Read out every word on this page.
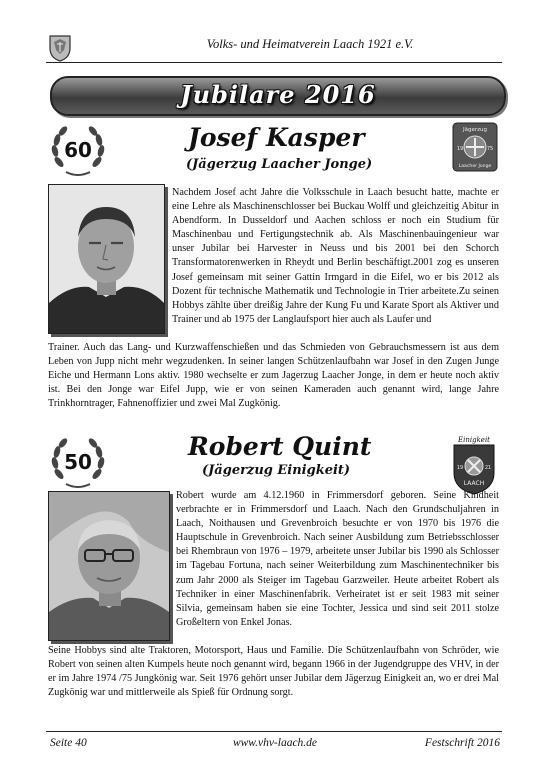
Volks- und Heimatverein Laach 1921 e.V.
Jubilare 2016
60	Josef Kasper
(Jägerzug Laacher Jonge)
Jägerzug
19	75
Laacher Jonge

Nachdem Josef acht Jahre die Volksschule in Laach besucht hatte, machte er eine Lehre als Maschinenschlosser bei Buckau Wolff und gleichzeitig Abitur in Abendform. In Dusseldorf und Aachen schloss er noch ein Studium für Maschinenbau und Fertigungstechnik ab. Als Maschinenbauingenieur war unser Jubilar bei Harvester in Neuss und bis 2001 bei den Schorch Transformatorenwerken in Rheydt und Berlin beschäftigt.2001 zog es unseren Josef gemeinsam mit seiner Gattin Irmgard in die Eifel, wo er bis 2012 als Dozent für technische Mathematik und Technologie in Trier arbeitete.Zu seinen Hobbys zählte über dreißig Jahre der Kung Fu und Karate Sport als Aktiver und Trainer und ab 1975 der Langlaufsport hier auch als Laufer und

Trainer. Auch das Lang- und Kurzwaffenschießen und das Schmieden von Gebrauchsmessern ist aus dem Leben von Jupp nicht mehr wegzudenken. In seiner langen Schützenlaufbahn war Josef in den Zugen Junge Eiche und Hermann Lons aktiv. 1980 wechselte er zum Jagerzug Laacher Jonge, in dem er heute noch aktiv ist. Bei den Jonge war Eifel Jupp, wie er von seinen Kameraden auch genannt wird, lange Jahre Trinkhorntrager, Fahnenoffizier und zwei Mal Zugkönig.

50
Robert Quint
(Jägerzug Einigkeit)
Einigkeit
19	21
LAACH

Robert wurde am 4.12.1960 in Frimmersdorf geboren. Seine Kindheit verbrachte er in Frimmersdorf und Laach. Nach den Grundschuljahren in Laach, Noithausen und Grevenbroich besuchte er von 1970 bis 1976 die Hauptschule in Grevenbroich. Nach seiner Ausbildung zum Betriebsschlosser bei Rhembraun von 1976 – 1979, arbeitete unser Jubilar bis 1990 als Schlosser im Tagebau Fortuna, nach seiner Weiterbildung zum Maschinentechniker bis zum Jahr 2000 als Steiger im Tagebau Garzweiler. Heute arbeitet Robert als Techniker in einer Maschinenfabrik. Verheiratet ist er seit 1983 mit seiner Silvia, gemeinsam haben sie eine Tochter, Jessica und sind seit 2011 stolze Großeltern von Enkel Jonas.

Seine Hobbys sind alte Traktoren, Motorsport, Haus und Familie. Die Schützenlaufbahn von Schröder, wie Robert von seinen alten Kumpels heute noch genannt wird, begann 1966 in der Jugendgruppe des VHV, in der er im Jahre 1974 /75 Jungkönig war. Seit 1976 gehört unser Jubilar dem Jägerzug Einigkeit an, wo er drei Mal Zugkönig war und mittlerweile als Spieß für Ordnung sorgt.

Seite 40	www.vhv-laach.de	Festschrift 2016
